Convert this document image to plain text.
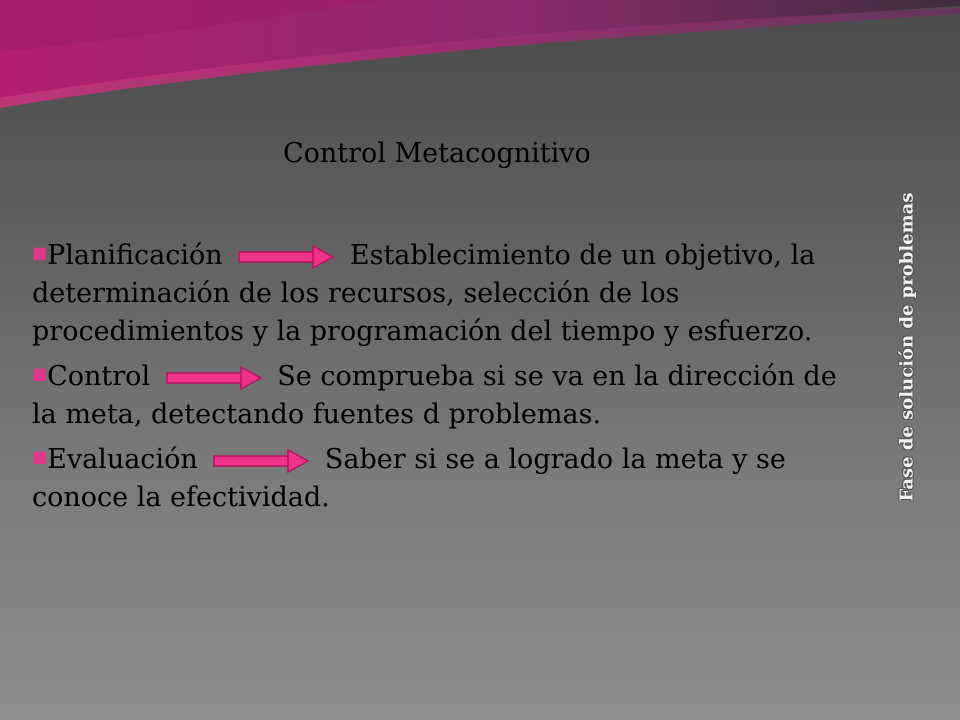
Control Metacognitivo
■Planificación	Establecimiento de un objetivo, la determinación de los recursos, selección de los procedimientos y la programación del tiempo y esfuerzo.
■Control	Se comprueba si se va en la dirección de la meta, detectando fuentes d problemas.
■Evaluación	Saber si se a logrado la meta y se conoce la efectividad.	Fase de solución de problemas
